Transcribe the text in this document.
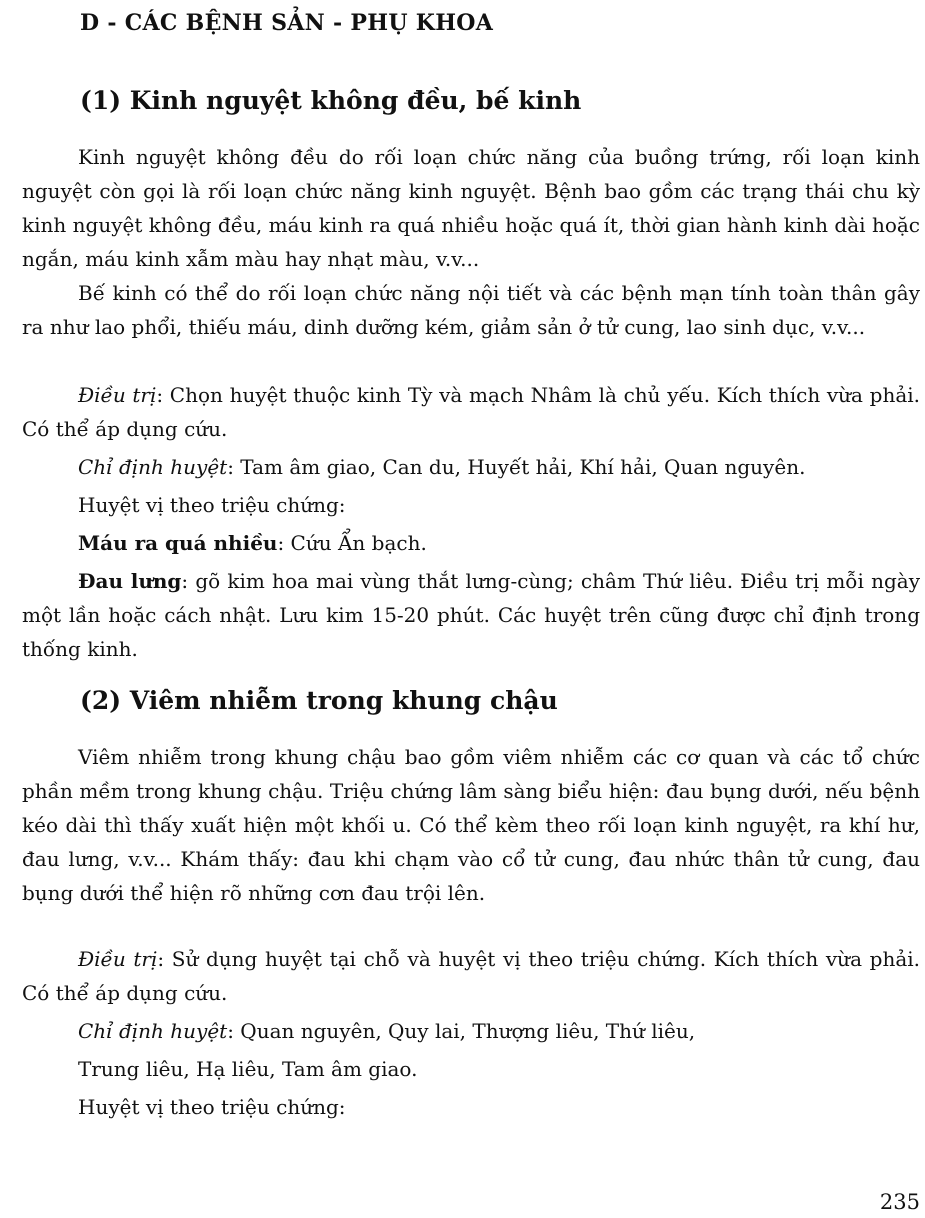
D - CÁC BỆNH SẢN - PHỤ KHOA
(1) Kinh nguyệt không đều, bế kinh

Kinh nguyệt không đều do rối loạn chức năng của buồng trứng, rối loạn kinh nguyệt còn gọi là rối loạn chức năng kinh nguyệt. Bệnh bao gồm các trạng thái chu kỳ kinh nguyệt không đều, máu kinh ra quá nhiều hoặc quá ít, thời gian hành kinh dài hoặc ngắn, máu kinh xẫm màu hay nhạt màu, v.v...

Bế kinh có thể do rối loạn chức năng nội tiết và các bệnh mạn tính toàn thân gây ra như lao phổi, thiếu máu, dinh dưỡng kém, giảm sản ở tử cung, lao sinh dục, v.v...

Điều trị: Chọn huyệt thuộc kinh Tỳ và mạch Nhâm là chủ yếu. Kích thích vừa phải. Có thể áp dụng cứu.

Chỉ định huyệt: Tam âm giao, Can du, Huyết hải, Khí hải, Quan nguyên.

Huyệt vị theo triệu chứng:

Máu ra quá nhiều: Cứu Ẩn bạch.

Đau lưng: gõ kim hoa mai vùng thắt lưng-cùng; châm Thứ liêu. Điều trị mỗi ngày một lần hoặc cách nhật. Lưu kim 15-20 phút. Các huyệt trên cũng được chỉ định trong thống kinh.

(2) Viêm nhiễm trong khung chậu

Viêm nhiễm trong khung chậu bao gồm viêm nhiễm các cơ quan và các tổ chức phần mềm trong khung chậu. Triệu chứng lâm sàng biểu hiện: đau bụng dưới, nếu bệnh kéo dài thì thấy xuất hiện một khối u. Có thể kèm theo rối loạn kinh nguyệt, ra khí hư, đau lưng, v.v... Khám thấy: đau khi chạm vào cổ tử cung, đau nhức thân tử cung, đau bụng dưới thể hiện rõ những cơn đau trội lên.

Điều trị: Sử dụng huyệt tại chỗ và huyệt vị theo triệu chứng. Kích thích vừa phải. Có thể áp dụng cứu.

Chỉ định huyệt: Quan nguyên, Quy lai, Thượng liêu, Thứ liêu,

Trung liêu, Hạ liêu, Tam âm giao.

Huyệt vị theo triệu chứng:

235
